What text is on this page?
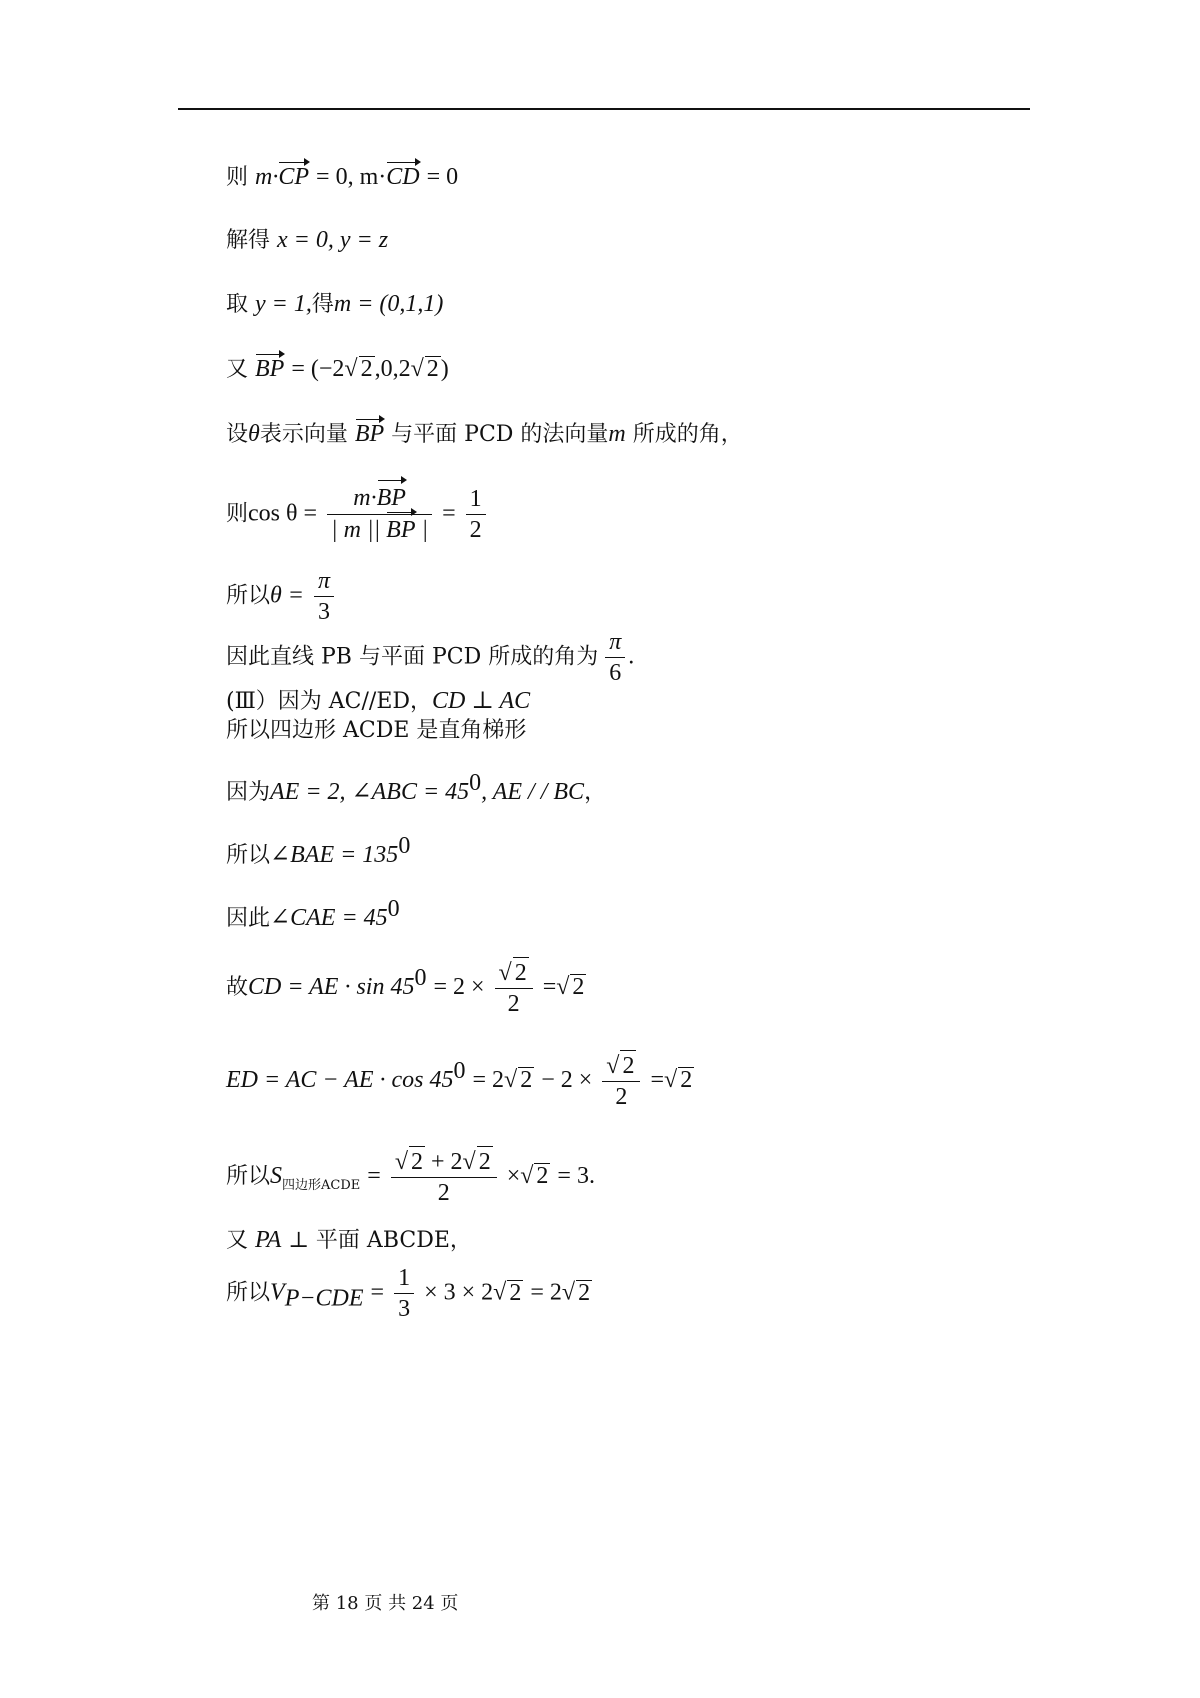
则 m·CP = 0, m·CD = 0
解得 x = 0, y = z
取 y = 1,得m = (0,1,1)
又 BP = (−2√ 2,0,2√ 2)
设θ表示向量 BP 与平面 PCD 的法向量m 所成的角，
则$\cos \theta = \frac{m\cdot BP}{| m || BP |} = \frac{1}{2}$
所以$\theta = \frac{\pi}{3}$
因此直线 PB 与平面 PCD 所成的角为 $\frac{\pi}{6}$ .
(Ⅲ）因为 AC//ED，CD ⊥ AC
所以四边形 ACDE 是直角梯形
因为AE = 2, ∠ABC = $45^0$, AE / / BC，
所以∠BAE = $135^0$
因此∠CAE = $45^0$
故CD = AE · $\sin 45^0 = 2 \times \frac{√ 2}{2}$ =√ 2
ED = AC − AE · $\cos 45^0 = 2√$ $2 - 2 \times \frac{√ 2}{2}$ =√ 2
所以$S_{四边形ACDE} = \frac{√ 2 + 2√ 2}{2}$ ×√ 2 = 3.
又 PA ⊥ 平面 ABCDE，
所以$V_{P-CDE} = \frac{1}{3} \times 3 \times 2√$ 2 = 2√ 2
第 18 页 共 24 页
